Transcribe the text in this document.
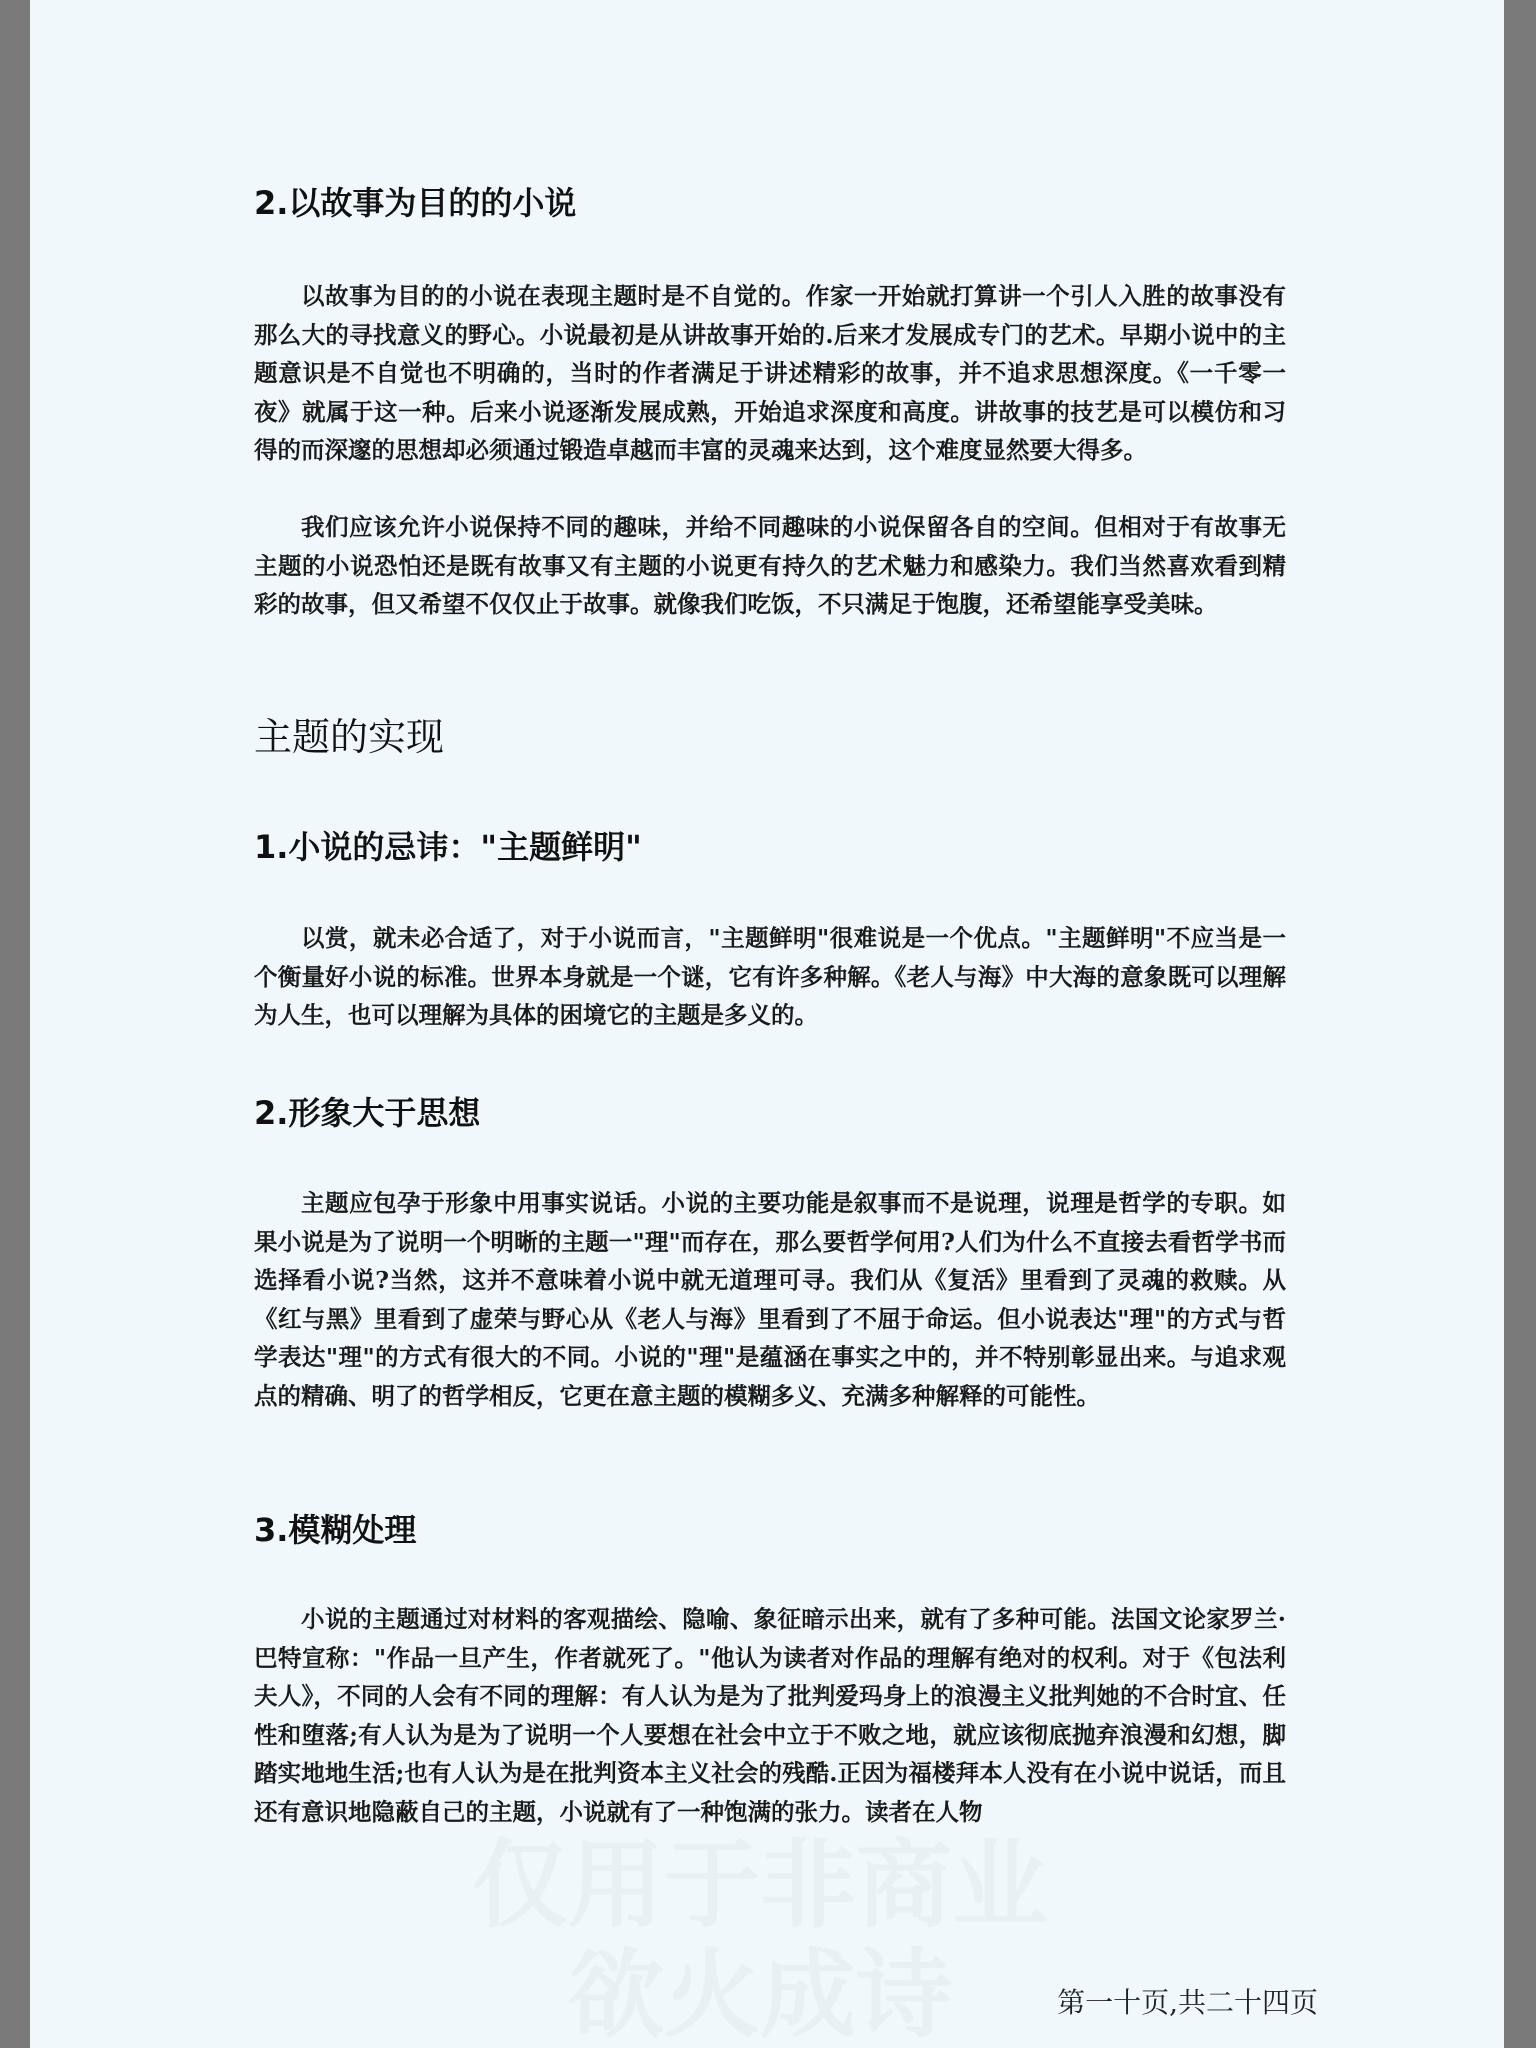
2.以故事为目的的小说

以故事为目的的小说在表现主题时是不自觉的。作家一开始就打算讲一个引人入胜的故事没有那么大的寻找意义的野心。小说最初是从讲故事开始的.后来才发展成专门的艺术。早期小说中的主题意识是不自觉也不明确的，当时的作者满足于讲述精彩的故事，并不追求思想深度。《一千零一夜》就属于这一种。后来小说逐渐发展成熟，开始追求深度和高度。讲故事的技艺是可以模仿和习得的而深邃的思想却必须通过锻造卓越而丰富的灵魂来达到，这个难度显然要大得多。

我们应该允许小说保持不同的趣味，并给不同趣味的小说保留各自的空间。但相对于有故事无主题的小说恐怕还是既有故事又有主题的小说更有持久的艺术魅力和感染力。我们当然喜欢看到精彩的故事，但又希望不仅仅止于故事。就像我们吃饭，不只满足于饱腹，还希望能享受美味。

主题的实现
1.小说的忌讳："主题鲜明"

以赏，就未必合适了，对于小说而言，"主题鲜明"很难说是一个优点。"主题鲜明"不应当是一个衡量好小说的标准。世界本身就是一个谜，它有许多种解。《老人与海》中大海的意象既可以理解为人生，也可以理解为具体的困境它的主题是多义的。

2.形象大于思想

主题应包孕于形象中用事实说话。小说的主要功能是叙事而不是说理，说理是哲学的专职。如果小说是为了说明一个明晰的主题一"理"而存在，那么要哲学何用?人们为什么不直接去看哲学书而选择看小说?当然，这并不意味着小说中就无道理可寻。我们从《复活》里看到了灵魂的救赎。从《红与黑》里看到了虚荣与野心从《老人与海》里看到了不屈于命运。但小说表达"理"的方式与哲学表达"理"的方式有很大的不同。小说的"理"是蕴涵在事实之中的，并不特别彰显出来。与追求观点的精确、明了的哲学相反，它更在意主题的模糊多义、充满多种解释的可能性。

3.模糊处理

小说的主题通过对材料的客观描绘、隐喻、象征暗示出来，就有了多种可能。法国文论家罗兰·巴特宣称："作品一旦产生，作者就死了。"他认为读者对作品的理解有绝对的权利。对于《包法利夫人》，不同的人会有不同的理解：有人认为是为了批判爱玛身上的浪漫主义批判她的不合时宜、任性和堕落;有人认为是为了说明一个人要想在社会中立于不败之地，就应该彻底抛弃浪漫和幻想，脚踏实地地生活;也有人认为是在批判资本主义社会的残酷.正因为福楼拜本人没有在小说中说话，而且还有意识地隐蔽自己的主题，小说就有了一种饱满的张力。读者在人物

仅用于非商业
欲火成诗	第一十页,共二十四页
